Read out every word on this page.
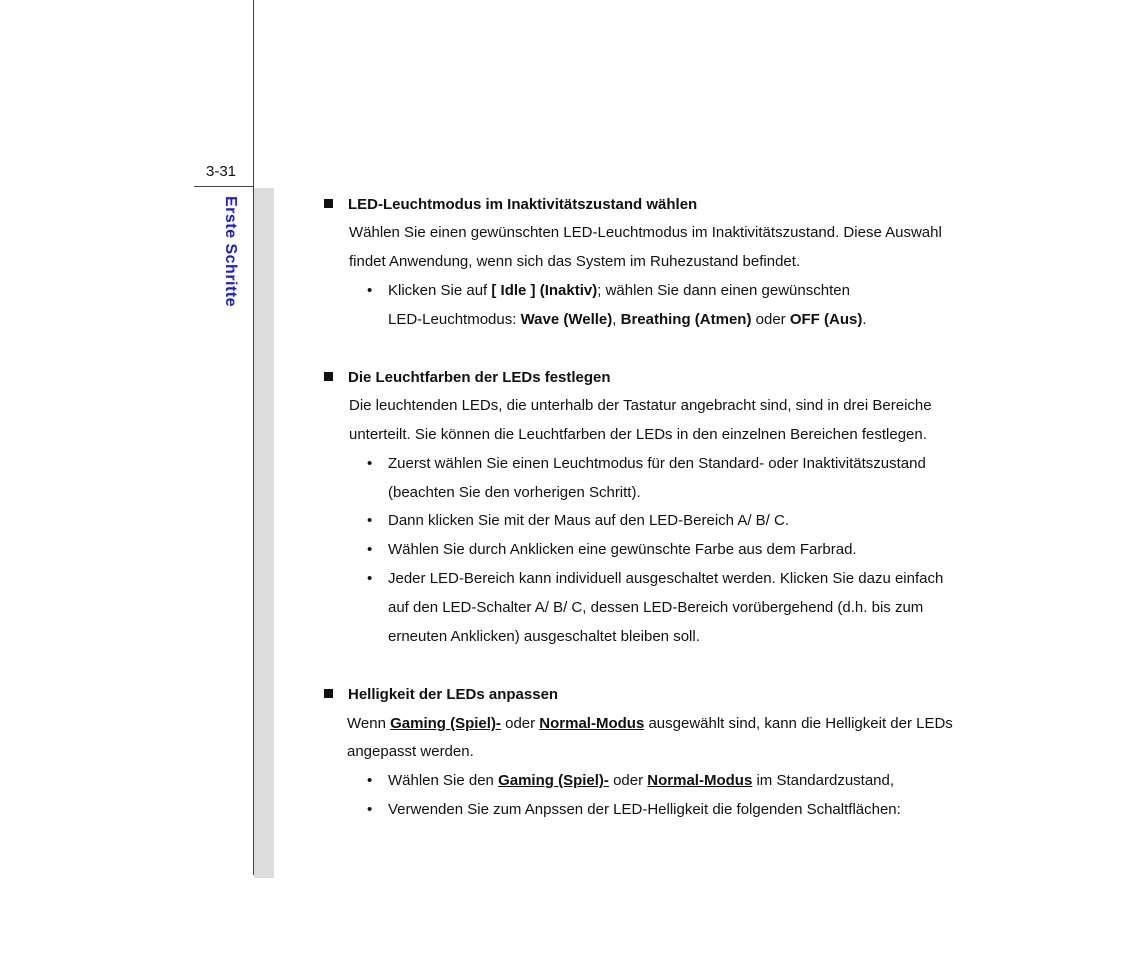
3-31
Erste Schritte	LED-Leuchtmodus im Inaktivitätszustand wählen
Wählen Sie einen gewünschten LED-Leuchtmodus im Inaktivitätszustand. Diese Auswahl
findet Anwendung, wenn sich das System im Ruhezustand befindet.
• Klicken Sie auf [ Idle ] (Inaktiv); wählen Sie dann einen gewünschten
LED-Leuchtmodus: Wave (Welle), Breathing (Atmen) oder OFF (Aus).
Die Leuchtfarben der LEDs festlegen
Die leuchtenden LEDs, die unterhalb der Tastatur angebracht sind, sind in drei Bereiche
unterteilt. Sie können die Leuchtfarben der LEDs in den einzelnen Bereichen festlegen.
• Zuerst wählen Sie einen Leuchtmodus für den Standard- oder Inaktivitätszustand
(beachten Sie den vorherigen Schritt).
• Dann klicken Sie mit der Maus auf den LED-Bereich A/ B/ C.
• Wählen Sie durch Anklicken eine gewünschte Farbe aus dem Farbrad.
• Jeder LED-Bereich kann individuell ausgeschaltet werden. Klicken Sie dazu einfach
auf den LED-Schalter A/ B/ C, dessen LED-Bereich vorübergehend (d.h. bis zum
erneuten Anklicken) ausgeschaltet bleiben soll.
Helligkeit der LEDs anpassen
Wenn Gaming (Spiel)- oder Normal-Modus ausgewählt sind, kann die Helligkeit der LEDs
angepasst werden.
• Wählen Sie den Gaming (Spiel)- oder Normal-Modus im Standardzustand,
• Verwenden Sie zum Anpssen der LED-Helligkeit die folgenden Schaltflächen:
